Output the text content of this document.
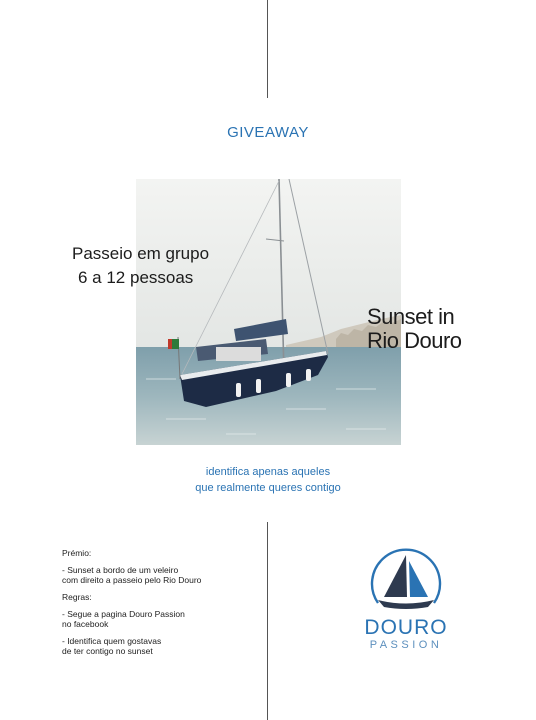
GIVEAWAY
Passeio em grupo
6 a 12 pessoas
Sunset in
Rio Douro
identifica apenas aqueles
que realmente queres contigo

Prémio:

- Sunset a bordo de um veleiro

com direito a passeio pelo Rio Douro

Regras:

- Segue a pagina Douro Passion

no facebook

- Identifica quem gostavas

de ter contigo no sunset

DOURO
PASSION
